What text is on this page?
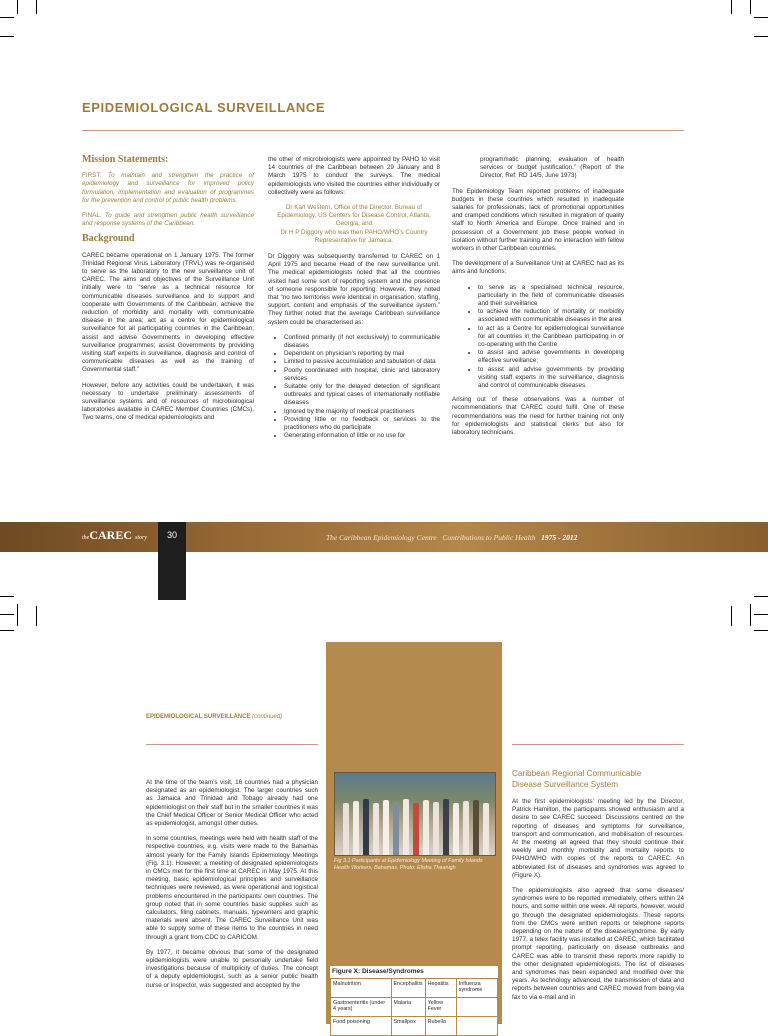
EPIDEMIOLOGICAL SURVEILLANCE
Mission Statements:

FIRST: To maintain and strengthen the practice of epidemiology and surveillance for improved policy formulation, implementation and evaluation of programmes for the prevention and control of public health problems.

FINAL: To guide and strengthen public health surveillance and response systems of the Caribbean.

Background

CAREC became operational on 1 January 1975. The former Trinidad Regional Virus Laboratory (TRVL) was re-organised to serve as the laboratory to the new surveillance unit of CAREC. The aims and objectives of the Surveillance Unit initially were to “serve as a technical resource for communicable diseases surveillance and to support and cooperate with Governments of the Caribbean; achieve the reduction of morbidity and mortality with communicable disease in the area; act as a centre for epidemiological surveillance for all participating countries in the Caribbean; assist and advise Governments in developing effective surveillance programmes; assist Governments by providing visiting staff experts in surveillance, diagnosis and control of communicable diseases as well as the training of Governmental staff.”

However, before any activities could be undertaken, it was necessary to undertake preliminary assessments of surveillance systems and of resources of microbiological laboratories available in CAREC Member Countries (CMCs). Two teams, one of medical epidemiologists and

the other of microbiologists were appointed by PAHO to visit 14 countries of the Caribbean between 29 January and 8 March 1975 to conduct the surveys. The medical epidemiologists who visited the countries either individually or collectively were as follows:

Dr Karl Western, Office of the Director, Bureau of Epidemiology, US Centers for Disease Control, Atlanta, Georgia, and
Dr H P Diggory who was then PAHO/WHO’s Country Representative for Jamaica.

Dr Diggory was subsequently transferred to CAREC on 1 April 1975 and became Head of the new surveillance unit. The medical epidemiologists noted that all the countries visited had some sort of reporting system and the presence of someone responsible for reporting. However, they noted that “no two territories were identical in organisation, staffing, support, content and emphasis of the surveillance system.” They further noted that the average Caribbean surveillance system could be characterised as:

• Confined primarily (if not exclusively) to communicable diseases
• Dependent on physician’s reporting by mail
• Limited to passive accumulation and tabulation of data
• Poorly coordinated with hospital, clinic and laboratory services
• Suitable only for the delayed detection of significant outbreaks and typical cases of internationally notifiable diseases
• Ignored by the majority of medical practitioners
• Providing little or no feedback or services to the practitioners who do participate
• Generating information of little or no use for

programmatic planning, evaluation of health services or budget justification.” (Report of the Director, Ref: RD 14/5, June 1973)

The Epidemiology Team reported problems of inadequate budgets in these countries which resulted in inadequate salaries for professionals, lack of promotional opportunities and cramped conditions which resulted in migration of quality staff to North America and Europe. Once trained and in possession of a Government job these people worked in isolation without further training and no interaction with fellow workers in other Caribbean countries.

The development of a Surveillance Unit at CAREC had as its aims and functions:

• to serve as a specialised technical resource, particularly in the field of communicable diseases and their surveillance
• to achieve the reduction of mortality or morbidity associated with communicable diseases in the area
• to act as a Centre for epidemiological surveillance for all countries in the Caribbean participating in or co-operating with the Centre
• to assist and advise governments in developing effective surveillance;
• to assist and advise governments by providing visiting staff experts in the surveillance, diagnosis and control of communicable diseases.

Arising out of these observations was a number of recommendations that CAREC could fulfil. One of these recommendations was the need for further training not only for epidemiologists and statistical clerks but also for laboratory technicians.

theCAREC story 30	The Caribbean Epidemiology Centre Contributions to Public Health 1975 - 2012
EPIDEMIOLOGICAL SURVEILLANCE (continued)

At the time of the team’s visit, 16 countries had a physician designated as an epidemiologist. The larger countries such as Jamaica and Trinidad and Tobago already had one epidemiologist on their staff but in the smaller countries it was the Chief Medical Officer or Senior Medical Officer who acted as epidemiologist, amongst other duties.

In some countries, meetings were held with health staff of the respective countries, e.g. visits were made to the Bahamas almost yearly for the Family Islands Epidemiology Meetings (Fig. 3.1). However, a meeting of designated epidemiologists in CMCs met for the first time at CAREC in May 1975. At this meeting, basic epidemiological principles and surveillance techniques were reviewed, as were operational and logistical problems encountered in the participants’ own countries. The group noted that in some countries basic supplies such as calculators, filing cabinets, manuals, typewriters and graphic materials were absent. The CAREC Surveillance Unit was able to supply some of these items to the countries in need through a grant from CDC to CARICOM.

By 1977, it became obvious that some of the designated epidemiologists were unable to personally undertake field investigations because of multiplicity of duties. The concept of a deputy epidemiologist, such as a senior public health nurse or inspector, was suggested and accepted by the

Fig 3.1 Participants at Epidemiology Meeting of Family Islands Health Workers, Bahamas. Photo: Elisha Thaanigh
Figure X: Disease/Syndromes
Malnutrition	Encephalitis	Hepatitis	Influenza syndrome
Gastroenteritis (under 4 years)	Malaria	Yellow Fever	
Food poisoning	Smallpox	Rubella	
Caribbean Regional Communicable
Disease Surveillance System

At the first epidemiologists’ meeting led by the Director, Patrick Hamilton, the participants showed enthusiasm and a desire to see CAREC succeed. Discussions centred on the reporting of diseases and symptoms for surveillance, transport and communication, and mobilisation of resources. At the meeting all agreed that they should continue their weekly and monthly morbidity and mortality reports to PAHO/WHO with copies of the reports to CAREC. An abbreviated list of diseases and syndromes was agreed to (Figure X).

The epidemiologists also agreed that some diseases/ syndromes were to be reported immediately, others within 24 hours, and some within one week. All reports, however, would go through the designated epidemiologists. These reports from the CMCs were written reports or telephone reports depending on the nature of the disease/syndrome. By early 1977, a telex facility was installed at CAREC, which facilitated prompt reporting, particularly on disease outbreaks and CAREC was able to transmit these reports more rapidly to the other designated epidemiologists. The list of diseases and syndromes has been expanded and modified over the years. As technology advanced, the transmission of data and reports between countries and CAREC moved from being via fax to via e-mail and in
